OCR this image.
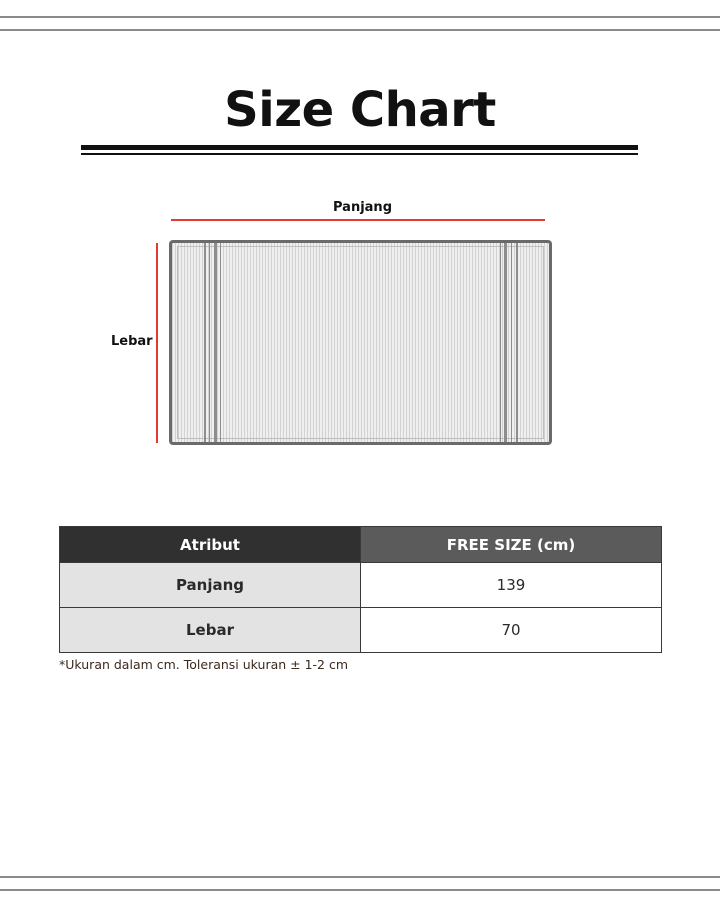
Size Chart
Panjang
Lebar
Atribut	FREE SIZE (cm)
Panjang	139
Lebar	70

*Ukuran dalam cm. Toleransi ukuran ± 1-2 cm
